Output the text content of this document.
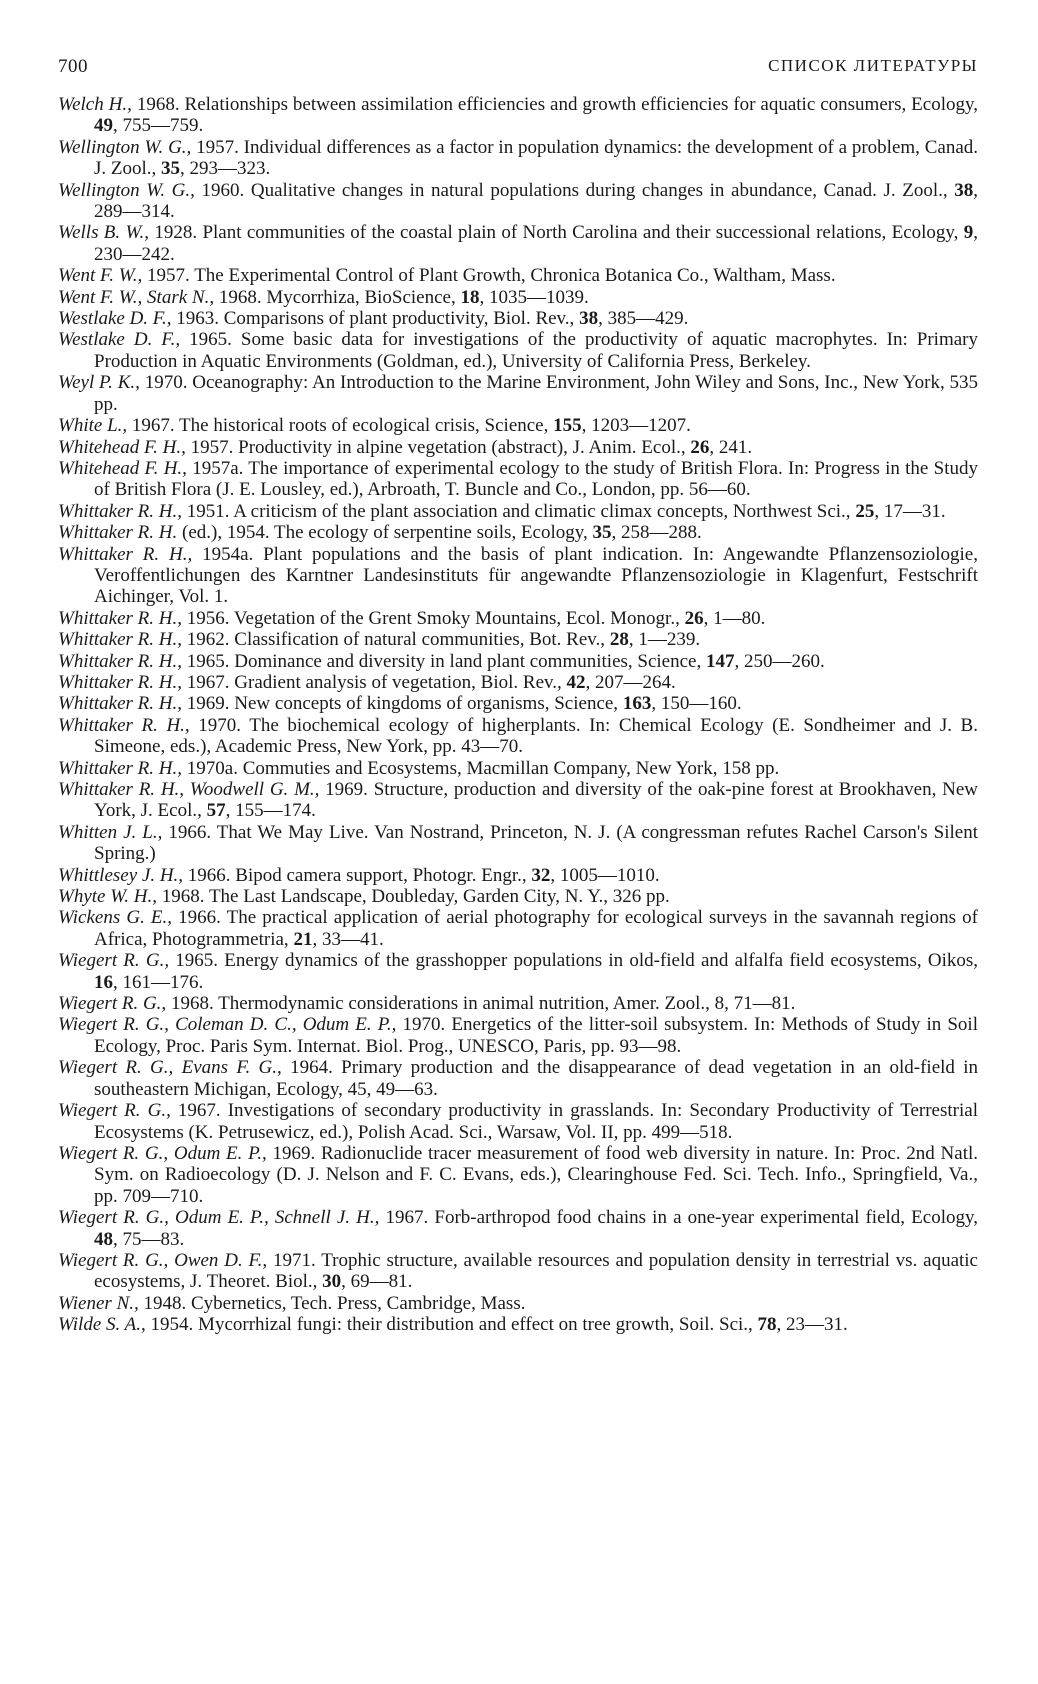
700	СПИСОК ЛИТЕРАТУРЫ

Welch H., 1968. Relationships between assimilation efficiencies and growth efficiencies for aquatic consumers, Ecology, 49, 755—759.

Wellington W. G., 1957. Individual differences as a factor in population dynamics: the development of a problem, Canad. J. Zool., 35, 293—323.

Wellington W. G., 1960. Qualitative changes in natural populations during changes in abundance, Canad. J. Zool., 38, 289—314.

Wells B. W., 1928. Plant communities of the coastal plain of North Carolina and their successional relations, Ecology, 9, 230—242.

Went F. W., 1957. The Experimental Control of Plant Growth, Chronica Botanica Co., Waltham, Mass.

Went F. W., Stark N., 1968. Mycorrhiza, BioScience, 18, 1035—1039.

Westlake D. F., 1963. Comparisons of plant productivity, Biol. Rev., 38, 385—429.

Westlake D. F., 1965. Some basic data for investigations of the productivity of aquatic macrophytes. In: Primary Production in Aquatic Environments (Goldman, ed.), University of California Press, Berkeley.

Weyl P. K., 1970. Oceanography: An Introduction to the Marine Environment, John Wiley and Sons, Inc., New York, 535 pp.

White L., 1967. The historical roots of ecological crisis, Science, 155, 1203—1207.

Whitehead F. H., 1957. Productivity in alpine vegetation (abstract), J. Anim. Ecol., 26, 241.

Whitehead F. H., 1957a. The importance of experimental ecology to the study of British Flora. In: Progress in the Study of British Flora (J. E. Lousley, ed.), Arbroath, T. Buncle and Co., London, pp. 56—60.

Whittaker R. H., 1951. A criticism of the plant association and climatic climax concepts, Northwest Sci., 25, 17—31.

Whittaker R. H. (ed.), 1954. The ecology of serpentine soils, Ecology, 35, 258—288.

Whittaker R. H., 1954a. Plant populations and the basis of plant indication. In: Angewandte Pflanzensoziologie, Veroffentlichungen des Karntner Landesinstituts für angewandte Pflanzensoziologie in Klagenfurt, Festschrift Aichinger, Vol. 1.

Whittaker R. H., 1956. Vegetation of the Grent Smoky Mountains, Ecol. Monogr., 26, 1—80.

Whittaker R. H., 1962. Classification of natural communities, Bot. Rev., 28, 1—239.

Whittaker R. H., 1965. Dominance and diversity in land plant communities, Science, 147, 250—260.

Whittaker R. H., 1967. Gradient analysis of vegetation, Biol. Rev., 42, 207—264.

Whittaker R. H., 1969. New concepts of kingdoms of organisms, Science, 163, 150—160.

Whittaker R. H., 1970. The biochemical ecology of higherplants. In: Chemical Ecology (E. Sondheimer and J. B. Simeone, eds.), Academic Press, New York, pp. 43—70.

Whittaker R. H., 1970a. Commuties and Ecosystems, Macmillan Company, New York, 158 pp.

Whittaker R. H., Woodwell G. M., 1969. Structure, production and diversity of the oak-pine forest at Brookhaven, New York, J. Ecol., 57, 155—174.

Whitten J. L., 1966. That We May Live. Van Nostrand, Princeton, N. J. (A congressman refutes Rachel Carson's Silent Spring.)

Whittlesey J. H., 1966. Bipod camera support, Photogr. Engr., 32, 1005—1010.

Whyte W. H., 1968. The Last Landscape, Doubleday, Garden City, N. Y., 326 pp.

Wickens G. E., 1966. The practical application of aerial photography for ecological surveys in the savannah regions of Africa, Photogrammetria, 21, 33—41.

Wiegert R. G., 1965. Energy dynamics of the grasshopper populations in old-field and alfalfa field ecosystems, Oikos, 16, 161—176.

Wiegert R. G., 1968. Thermodynamic considerations in animal nutrition, Amer. Zool., 8, 71—81.

Wiegert R. G., Coleman D. C., Odum E. P., 1970. Energetics of the litter-soil subsystem. In: Methods of Study in Soil Ecology, Proc. Paris Sym. Internat. Biol. Prog., UNESCO, Paris, pp. 93—98.

Wiegert R. G., Evans F. G., 1964. Primary production and the disappearance of dead vegetation in an old-field in southeastern Michigan, Ecology, 45, 49—63.

Wiegert R. G., 1967. Investigations of secondary productivity in grasslands. In: Secondary Productivity of Terrestrial Ecosystems (K. Petrusewicz, ed.), Polish Acad. Sci., Warsaw, Vol. II, pp. 499—518.

Wiegert R. G., Odum E. P., 1969. Radionuclide tracer measurement of food web diversity in nature. In: Proc. 2nd Natl. Sym. on Radioecology (D. J. Nelson and F. C. Evans, eds.), Clearinghouse Fed. Sci. Tech. Info., Springfield, Va., pp. 709—710.

Wiegert R. G., Odum E. P., Schnell J. H., 1967. Forb-arthropod food chains in a one-year experimental field, Ecology, 48, 75—83.

Wiegert R. G., Owen D. F., 1971. Trophic structure, available resources and population density in terrestrial vs. aquatic ecosystems, J. Theoret. Biol., 30, 69—81.

Wiener N., 1948. Cybernetics, Tech. Press, Cambridge, Mass.

Wilde S. A., 1954. Mycorrhizal fungi: their distribution and effect on tree growth, Soil. Sci., 78, 23—31.
